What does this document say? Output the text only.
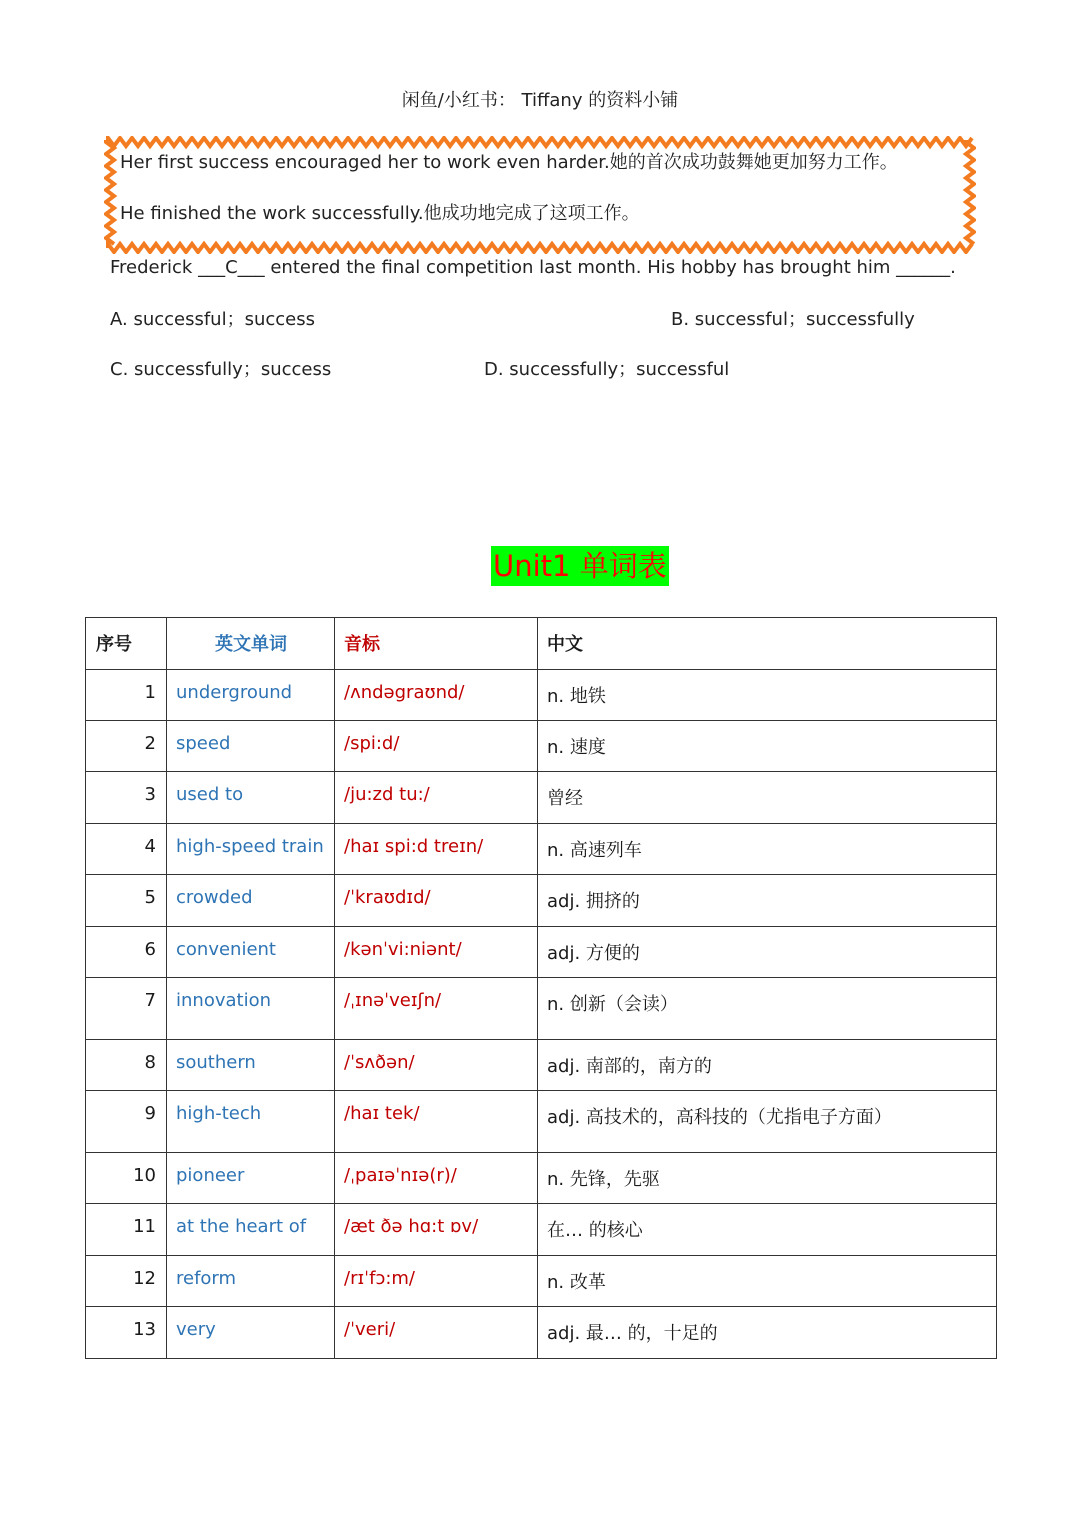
闲鱼/小红书： Tiffany 的资料小铺
Her first success encouraged her to work even harder.她的首次成功鼓舞她更加努力工作。
He finished the work successfully.他成功地完成了这项工作。
Frederick ___C___ entered the final competition last month. His hobby has brought him ______.
A. successful；success	B. successful；successfully
C. successfully；success	D. successfully；successful
Unit1 单词表
序号	英文单词	音标	中文
1	underground	/ʌndəgraʊnd/	n. 地铁
2	speed	/spi:d/	n. 速度
3	used to	/ju:zd tu:/	曾经
4	high-speed train	/haɪ spi:d treɪn/	n. 高速列车
5	crowded	/ˈkraʊdɪd/	adj. 拥挤的
6	convenient	/kənˈvi:niənt/	adj. 方便的
7	innovation	/ˌɪnəˈveɪʃn/	n. 创新（会读）
8	southern	/ˈsʌðən/	adj. 南部的，南方的
9	high-tech	/haɪ tek/	adj. 高技术的，高科技的（尤指电子方面）
10	pioneer	/ˌpaɪəˈnɪə(r)/	n. 先锋，先驱
11	at the heart of	/æt ðə hɑ:t ɒv/	在… 的核心
12	reform	/rɪˈfɔ:m/	n. 改革
13	very	/ˈveri/	adj. 最… 的，十足的
